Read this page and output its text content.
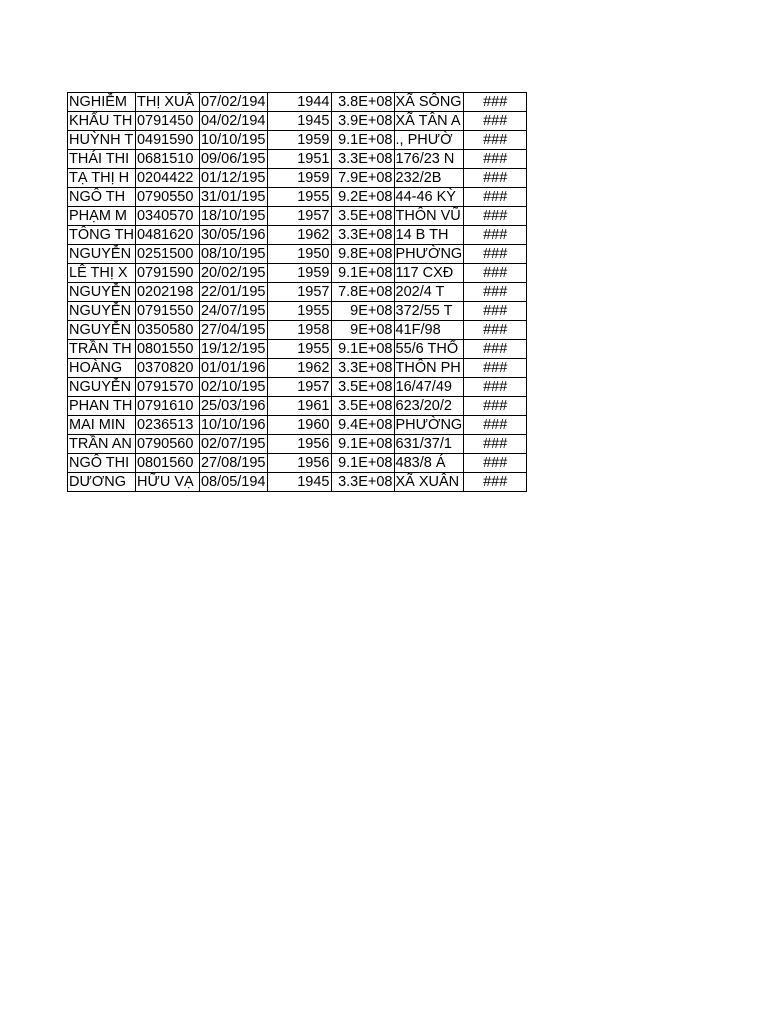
NGHIỄM	THỊ XUÂ	07/02/194	1944	3.8E+08	XÃ SÔNG	###
KHẤU TH	0791450	04/02/194	1945	3.9E+08	XÃ TÂN A	###
HUỲNH T	0491590	10/10/195	1959	9.1E+08	., PHƯỜ	###
THÁI THI	0681510	09/06/195	1951	3.3E+08	176/23 N	###
TẠ THỊ H	0204422	01/12/195	1959	7.9E+08	232/2B	###
NGÔ TH	0790550	31/01/195	1955	9.2E+08	44-46 KỲ	###
PHẠM M	0340570	18/10/195	1957	3.5E+08	THÔN VŨ	###
TÔNG TH	0481620	30/05/196	1962	3.3E+08	14 B TH	###
NGUYỄN	0251500	08/10/195	1950	9.8E+08	PHƯỜNG	###
LÊ THỊ X	0791590	20/02/195	1959	9.1E+08	117 CXĐ	###
NGUYỄN	0202198	22/01/195	1957	7.8E+08	202/4 T	###
NGUYỄN	0791550	24/07/195	1955	9E+08	372/55 T	###
NGUYỄN	0350580	27/04/195	1958	9E+08	41F/98	###
TRẦN TH	0801550	19/12/195	1955	9.1E+08	55/6 THỐ	###
HOÀNG	0370820	01/01/196	1962	3.3E+08	THÔN PH	###
NGUYỄN	0791570	02/10/195	1957	3.5E+08	16/47/49	###
PHAN TH	0791610	25/03/196	1961	3.5E+08	623/20/2	###
MAI MIN	0236513	10/10/196	1960	9.4E+08	PHƯỜNG	###
TRẦN AN	0790560	02/07/195	1956	9.1E+08	631/37/1	###
NGÔ THI	0801560	27/08/195	1956	9.1E+08	483/8 Á	###
DƯƠNG	HỮU VẠ	08/05/194	1945	3.3E+08	XÃ XUÂN	###
